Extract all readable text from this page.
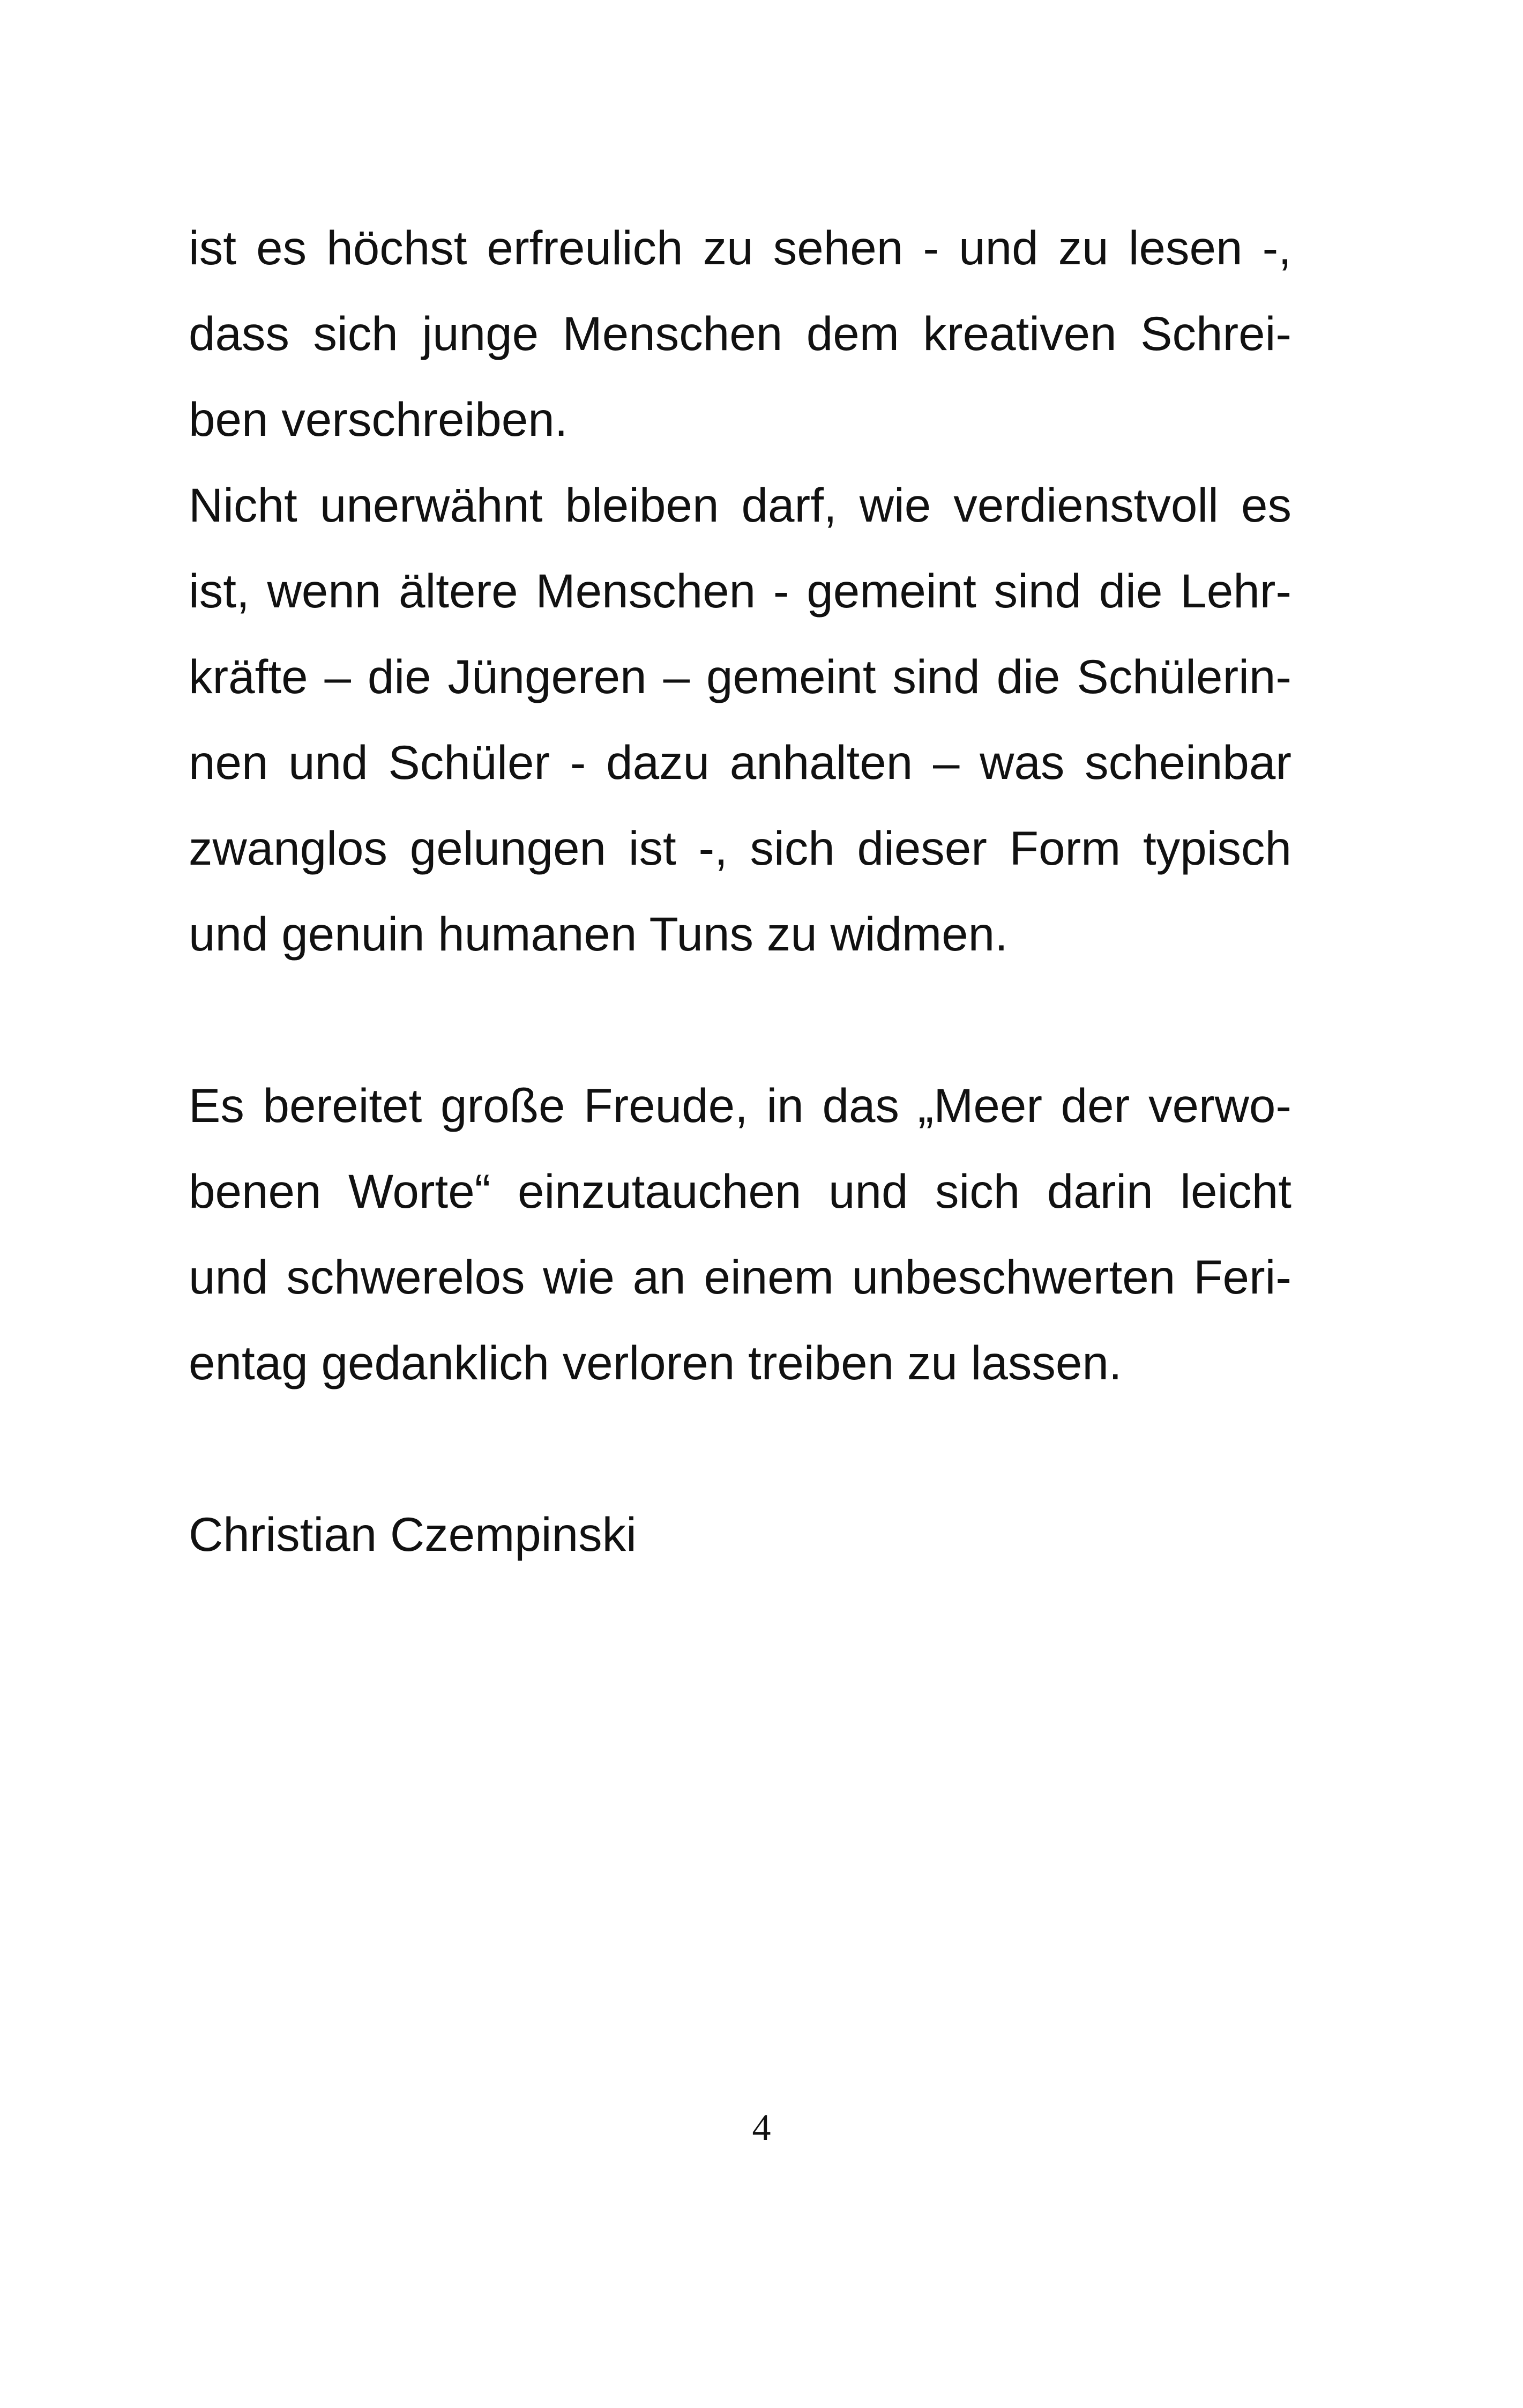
ist es höchst erfreulich zu sehen - und zu lesen -,
dass sich junge Menschen dem kreativen Schrei-
ben verschreiben.
Nicht unerwähnt bleiben darf, wie verdienstvoll es
ist, wenn ältere Menschen - gemeint sind die Lehr-
kräfte – die Jüngeren – gemeint sind die Schülerin-
nen und Schüler - dazu anhalten – was scheinbar
zwanglos gelungen ist -, sich dieser Form typisch
und genuin humanen Tuns zu widmen.
Es bereitet große Freude, in das „Meer der verwo-
benen Worte“ einzutauchen und sich darin leicht
und schwerelos wie an einem unbeschwerten Feri-
entag gedanklich verloren treiben zu lassen.
Christian Czempinski
4
